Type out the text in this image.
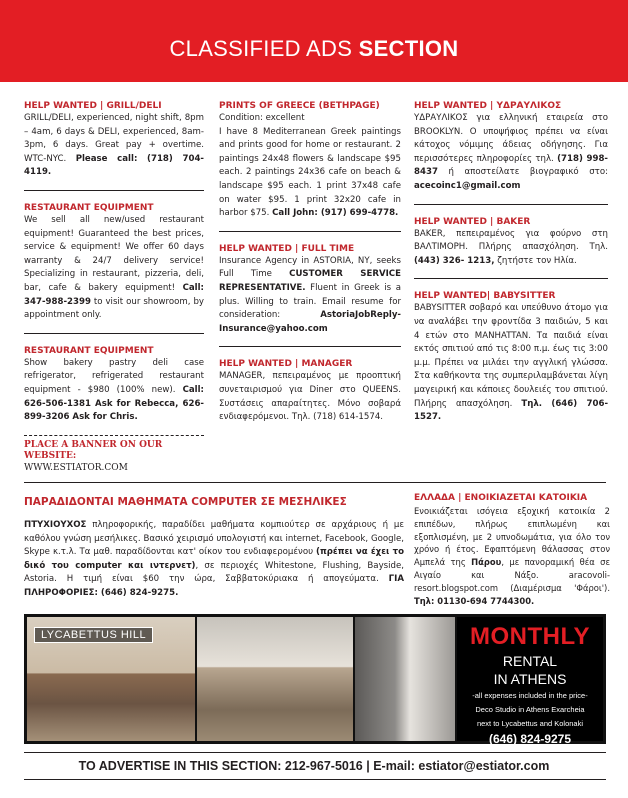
CLASSIFIED ADS SECTION
HELP WANTED | GRILL/DELI
GRILL/DELI, experienced, night shift, 8pm – 4am, 6 days & DELI, experienced, 8am-3pm, 6 days. Great pay + overtime. WTC-NYC. Please call: (718) 704-4119.
RESTAURANT EQUIPMENT
We sell all new/used restaurant equipment! Guaranteed the best prices, service & equipment! We offer 60 days warranty & 24/7 delivery service! Specializing in restaurant, pizzeria, deli, bar, cafe & bakery equipment! Call: 347-988-2399 to visit our showroom, by appointment only.
RESTAURANT EQUIPMENT
Show bakery pastry deli case refrigerator, refrigerated restaurant equipment - $980 (100% new). Call: 626-506-1381 Ask for Rebecca, 626-899-3206 Ask for Chris.
PLACE A BANNER ON OUR WEBSITE:
WWW.ESTIATOR.COM
PRINTS OF GREECE (BETHPAGE)
Condition: excellent
I have 8 Mediterranean Greek paintings and prints good for home or restaurant. 2 paintings 24x48 flowers & landscape $95 each. 2 paintings 24x36 cafe on beach & landscape $95 each. 1 print 37x48 cafe on water $95. 1 print 32x20 cafe in harbor $75. Call John: (917) 699-4778.
HELP WANTED | FULL TIME
Insurance Agency in ASTORIA, NY, seeks Full Time CUSTOMER SERVICE REPRESENTATIVE. Fluent in Greek is a plus. Willing to train. Email resume for consideration: AstoriaJobReply-Insurance@yahoo.com
HELP WANTED | MANAGER
MANAGER, πεπειραμένος με προοπτική συνεταιρισμού για Diner στο QUEENS. Συστάσεις απαραίτητες. Μόνο σοβαρά ενδιαφερόμενοι. Τηλ. (718) 614-1574.
HELP WANTED | ΥΔΡΑΥΛΙΚΟΣ
ΥΔΡΑΥΛΙΚΟΣ για ελληνική εταιρεία στο BROOKLYN. Ο υποψήφιος πρέπει να είναι κάτοχος νόμιμης άδειας οδήγησης. Για περισσότερες πληροφορίες τηλ. (718) 998-8437 ή αποστείλατε βιογραφικό στο: acecoinc1@gmail.com
HELP WANTED | BAKER
BAKER, πεπειραμένος για φούρνο στη ΒΑΛΤΙΜΟΡΗ. Πλήρης απασχόληση. Τηλ. (443) 326- 1213, ζητήστε τον Ηλία.
HELP WANTED| BABYSITTER
BABYSITTER σοβαρό και υπεύθυνο άτομο για να αναλάβει την φροντίδα 3 παιδιών, 5 και 4 ετών στο MANHATTAN. Τα παιδιά είναι εκτός σπιτιού από τις 8:00 π.μ. έως τις 3:00 μ.μ. Πρέπει να μιλάει την αγγλική γλώσσα. Στα καθήκοντα της συμπεριλαμβάνεται λίγη μαγειρική και κάποιες δουλειές του σπιτιού. Πλήρης απασχόληση. Τηλ. (646) 706-1527.
ΠΑΡΑΔΙΔΟΝΤΑΙ ΜΑΘΗΜΑΤΑ COMPUTER ΣΕ ΜΕΣΗΛΙΚΕΣ
ΠΤΥΧΙΟΥΧΟΣ πληροφορικής, παραδίδει μαθήματα κομπιούτερ σε αρχάριους ή με καθόλου γνώση μεσήλικες. Βασικό χειρισμό υπολογιστή και internet, Facebook, Google, Skype κ.τ.λ. Τα μαθ. παραδίδονται κατ' οίκον του ενδιαφερομένου (πρέπει να έχει το δικό του computer και ιντερνετ), σε περιοχές Whitestone, Flushing, Bayside, Astoria. Η τιμή είναι $60 την ώρα, Σαββατοκύριακα ή απογεύματα. ΓΙΑ ΠΛΗΡΟΦΟΡΙΕΣ: (646) 824-9275.
ΕΛΛΑΔΑ | ΕΝΟΙΚΙΑΖΕΤΑΙ ΚΑΤΟΙΚΙΑ
Ενοικιάζεται ισόγεια εξοχική κατοικία 2 επιπέδων, πλήρως επιπλωμένη και εξοπλισμένη, με 2 υπνοδωμάτια, για όλο τον χρόνο ή έτος. Εφαπτόμενη θάλασσας στον Αμπελά της Πάρου, με πανοραμική θέα σε Αιγαίο και Νάξο. aracovoli-resort.blogspot.com (Διαμέρισμα 'Φάροι'). Τηλ: 01130-694 7744300.
LYCABETTUS HILL	MONTHLY
RENTAL
IN ATHENS
-all expenses included in the price-
Deco Studio in Athens Exarcheia
next to Lycabettus and Kolonaki
(646) 824-9275
TO ADVERTISE IN THIS SECTION: 212-967-5016 | E-mail: estiator@estiator.com
